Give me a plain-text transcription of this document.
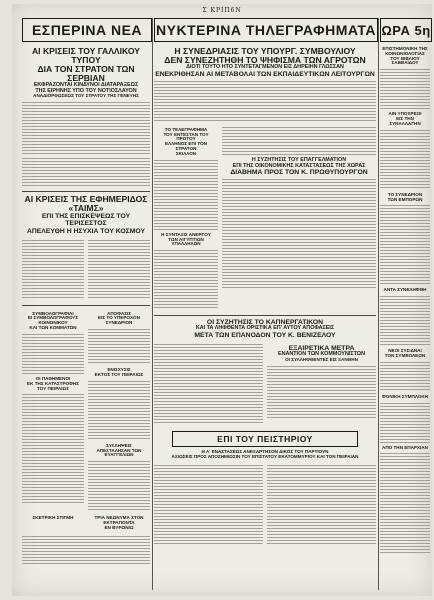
Σ ΚΡΙΠ6Ν
ΕΣΠΕΡΙΝΑ ΝΕΑ ΝΥΚΤΕΡΙΝΑ ΤΗΛΕΓΡΑΦΗΜΑΤΑ ΩΡΑ 5η
ΑΙ ΚΡΙΣΕΙΣ ΤΟΥ ΓΑΛΛΙΚΟΥ ΤΥΠΟΥ
ΔΙΑ ΤΟΝ ΣΤΡΑΤΟΝ ΤΩΝ ΣΕΡΒΙΑΝ
ΕΚΦΡΑΖΟΝΤΑΙ ΚΙΝΔΥΝΟΙ ΔΙΑΤΑΡΑΞΕΩΣ
ΤΗΣ ΕΙΡΗΝΗΣ ΥΠΟ ΤΟΥ ΝΟΤΙΟΣΛΑΥΟΝ
ΑΝΑΔΙΟΡΘΩΣΕΩΣ ΤΟΥ ΣΤΡΑΤΟΥ ΤΗΣ ΓΕΝΕΥΗΣ
ΑΙ ΚΡΙΣΕΙΣ ΤΗΣ ΕΦΗΜΕΡΙΔΟΣ «ΤΑΙΜΣ»
ΕΠΙ ΤΗΣ ΕΠΙΣΚΕΨΕΩΣ ΤΟΥ ΤΕΡΙΣΕΣΤΟΣ
ΑΠΕΛΕΥΘΗ Η ΗΣΥΧΙΑ ΤΟΥ ΚΟΣΜΟΥ
ΣΥΜΒΟΛΟΓΡΑΦΙΑΙ
ΕΙ ΣΥΜΒΟΛΟΓΡΑΦΟΥΣ ΚΟΙΝΩΝΙΚΟΥ
ΚΑΙ ΤΩΝ ΚΟΜΜΑΤΩΝ
ΟΙ ΠΑΘΗΜΕΝΟΙ
ΕΚ ΤΗΣ ΚΑΤΑΣΤΡΟΦΗΣ ΤΟΥ ΠΕΙΡΑΙΩΣ
ΑΠΟΦΑΣΙΣ
ΕΙΣ ΤΟ ΥΠΕΡΟΧΟΝ ΣΥΝΕΔΡΙΟΝ
ΕΝΙΣΧΥΣΙΣ
ΕΚΤΟΣ ΤΟΥ ΠΕΙΡΑΙΩΣ
ΣΥΛΛΗΨΕΙΣ
ΑΠΕΣΤΑΛΗΣΑΝ ΤΩΝ ΕΥΑΓΓΕΛΙΩΝ
ΣΚΕΤΡΙΚΗ ΣΤΙΓΜΗ	ΤΡΙΑ ΝΕΩΝΥΜΑ ΣΤΟΝ ΕΚΤΡΑΠΟΝΤΑ
ΕΝ ΒΥΡΩΝΙΩ
Η ΣΥΝΕΔΡΙΑΣΙΣ ΤΟΥ ΥΠΟΥΡΓ. ΣΥΜΒΟΥΛΙΟΥ
ΔΕΝ ΣΥΝΕΖΗΤΗΘΗ ΤΟ ΨΗΦΙΣΜΑ ΤΩΝ ΑΓΡΟΤΩΝ
ΔΙΟΤΙ ΤΟΥΤΟ ΗΤΟ ΣΥΝΤΕΤΑΓΜΕΝΟΝ ΕΙΣ ΔΗΡΕΙΗΝ ΓΛΩΣΣΑΝ
ΕΝΕΚΡΙΘΗΣΑΝ ΑΙ ΜΕΤΑΒΟΛΑΙ ΤΩΝ ΕΚΠΑΙΔΕΥΤΙΚΩΝ ΛΕΙΤΟΥΡΓΩΝ
ΤΟ ΤΕΛΕΓΡΑΦΗΜΑ
ΤΟΥ ΕΝΤΕΣΤΑΝ ΤΟΥ ΠΡΩΤΟΥ
ΕΛΛΗΝΟΣ ΕΠΙ ΤΟΝ ΣΤΡΑΤΟΝ
ΣΚΙΛΛΟΝ
Η ΣΥΝΤΑΞΙΣ ΑΝΕΡΓΟΥ
ΤΩΝ ΑΙΓΥΠΤΙΩΝ ΥΠΑΛΛΗΛΩΝ
Η ΣΥΖΗΤΗΣΙΣ ΤΟΥ ΕΠΑΓΓΕΛΜΑΤΙΟΝ
ΕΠΙ ΤΗΣ ΟΙΚΟΝΟΜΙΚΗΣ ΚΑΤΑΣΤΑΣΕΩΣ ΤΗΣ ΧΩΡΑΣ
ΔΙΑΒΗΜΑ ΠΡΟΣ ΤΟΝ Κ. ΠΡΩΘΥΠΟΥΡΓΟΝ
ΟΙ ΣΥΖΗΤΗΣΙΣ ΤΟ ΚΑΠΝΕΡΓΑΤΙΚΟΝ
ΚΑΙ ΤΑ ΛΗΦΘΕΝΤΑ ΟΡΙΣΤΙΚΑ ΕΠ' ΑΥΤΟΥ ΑΠΟΦΑΣΕΙΣ
ΜΕΤΑ ΤΩΝ ΕΠΑΝΟΔΟΝ ΤΟΥ Κ. ΒΕΝΙΖΕΛΟΥ
ΕΞΑΙΡΕΤΙΚΑ ΜΕΤΡΑ
ΕΝΑΝΤΙΟΝ ΤΩΝ ΚΟΜΜΟΥΝΙΣΤΩΝ
ΟΙ ΣΥΛΛΗΦΘΕΝΤΕΣ ΕΙΣ ΞΑΝΘΗΝ
ΕΠΙ ΤΟΥ ΠΕΙΣΤΗΡΙΟΥ
Η Α' ΕΝΑΣΤΑΣΕΩΣ ΑΝΕΞΑΡΤΗΣΟΝ ΔΙΚΟΣ ΤΟΥ ΠΑΡΤΙΟΥΝ
ΑΞΙΩΣΕΙΣ ΠΡΟΣ ΑΠΟΖΗΜΙΩΣΙΝ ΤΟΥ ΕΠΙΣΤΑΤΟΥ ΕΚΑΤΟΜΜΥΡΙΟΥ ΚΑΙ ΤΟΝ ΠΕΙΡΑΙΑΝ
ΕΠΙΣΤΗΜΟΝΙΚΗ ΤΗΣ ΚΟΙΝΩΝΙΟΛΟΓΙΑΣ
ΤΟΥ ΒΙΒΛΙΟΥ ΣΑΒΒΑΪΔΟΥ
ΑΙΝ ΥΠΟΧΡΕΟΙ
ΕΙΣ ΤΗΝ ΣΥΝΑΛΛΑΓΗΝ
ΤΟ ΣΥΝΕΔΡΙΟΝ
ΤΩΝ ΕΜΠΟΡΩΝ
ΑΝΤΑ ΣΥΝΕΛΗΦΘΗ
ΝΕΟΙ ΣΥΣΙΔΝΑΙ
ΤΟΝ ΣΥΜΒΟΛΕΩΝ
ΦΟΝΙΚΗ ΣΥΜΠΛΟΚΗ
ΑΠΟ ΤΗΝ ΕΠΑΡΧΙΑΝ
